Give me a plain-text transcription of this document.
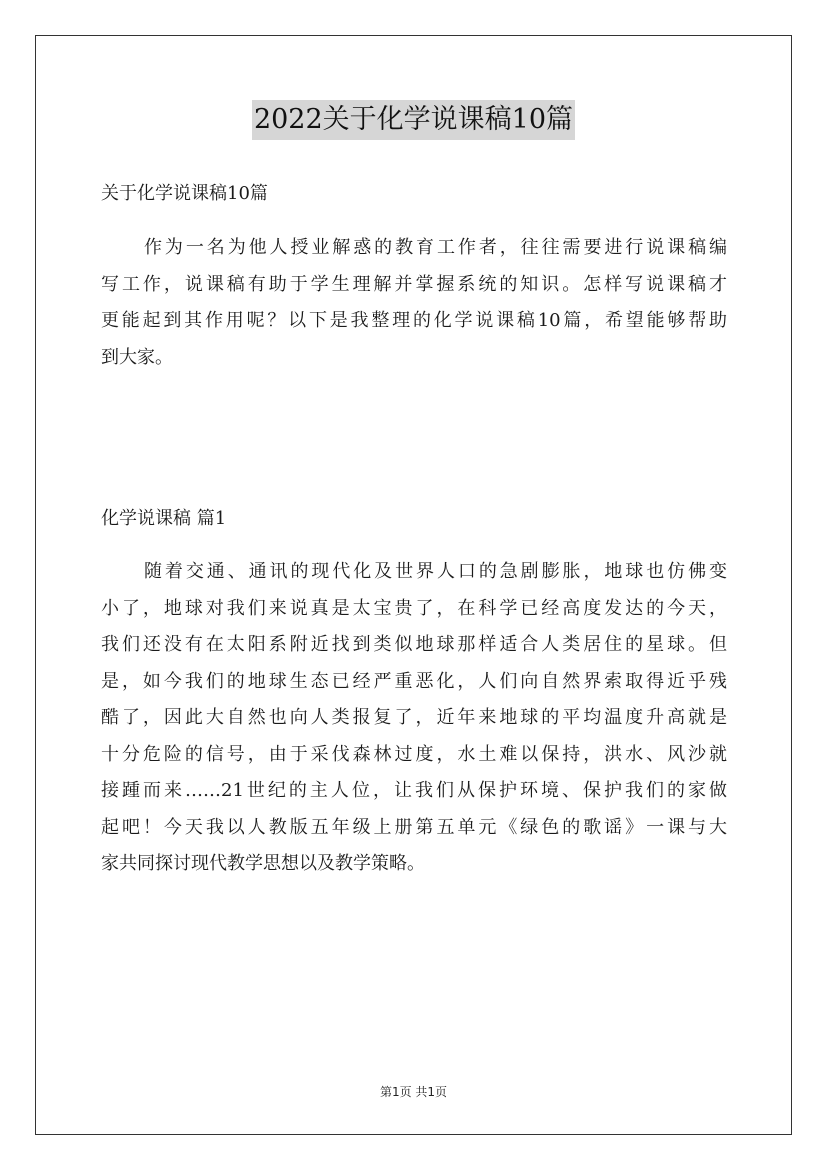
2022关于化学说课稿10篇

关于化学说课稿10篇

作为一名为他人授业解惑的教育工作者，往往需要进行说课稿编
写工作，说课稿有助于学生理解并掌握系统的知识。怎样写说课稿才
更能起到其作用呢？以下是我整理的化学说课稿10篇，希望能够帮助
到大家。

化学说课稿 篇1

随着交通、通讯的现代化及世界人口的急剧膨胀，地球也仿佛变
小了，地球对我们来说真是太宝贵了，在科学已经高度发达的今天，
我们还没有在太阳系附近找到类似地球那样适合人类居住的星球。但
是，如今我们的地球生态已经严重恶化，人们向自然界索取得近乎残
酷了，因此大自然也向人类报复了，近年来地球的平均温度升高就是
十分危险的信号，由于采伐森林过度，水土难以保持，洪水、风沙就
接踵而来……21世纪的主人位，让我们从保护环境、保护我们的家做
起吧！今天我以人教版五年级上册第五单元《绿色的歌谣》一课与大
家共同探讨现代教学思想以及教学策略。
第1页 共1页
